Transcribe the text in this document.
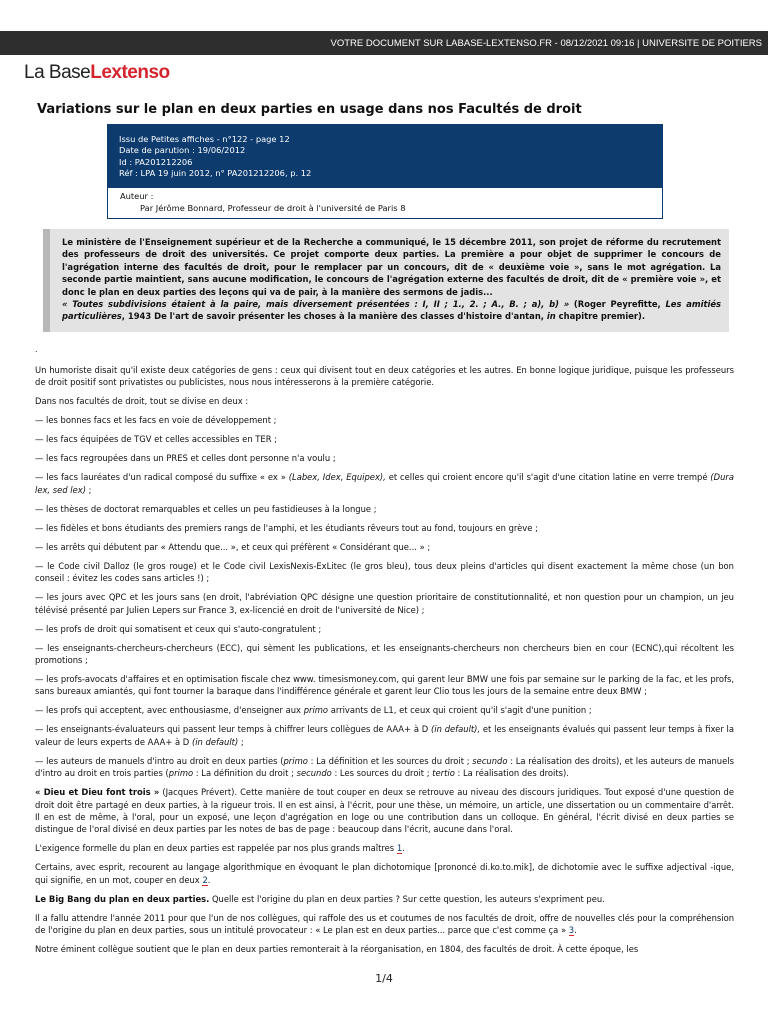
VOTRE DOCUMENT SUR LABASE-LEXTENSO.FR - 08/12/2021 09:16 | UNIVERSITE DE POITIERS
La BaseLextenso
Variations sur le plan en deux parties en usage dans nos Facultés de droit
Issu de Petites affiches - n°122 - page 12
Date de parution : 19/06/2012
Id : PA201212206
Réf : LPA 19 juin 2012, n° PA201212206, p. 12
Auteur :
Par Jérôme Bonnard, Professeur de droit à l'université de Paris 8
Le ministère de l'Enseignement supérieur et de la Recherche a communiqué, le 15 décembre 2011, son projet de réforme du recrutement des professeurs de droit des universités. Ce projet comporte deux parties. La première a pour objet de supprimer le concours de l'agrégation interne des facultés de droit, pour le remplacer par un concours, dit de « deuxième voie », sans le mot agrégation. La seconde partie maintient, sans aucune modification, le concours de l'agrégation externe des facultés de droit, dit de « première voie », et donc le plan en deux parties des leçons qui va de pair, à la manière des sermons de jadis...
« Toutes subdivisions étaient à la paire, mais diversement présentées : I, II ; 1., 2. ; A., B. ; a), b) » (Roger Peyrefitte, Les amitiés particulières, 1943 De l'art de savoir présenter les choses à la manière des classes d'histoire d'antan, in chapitre premier).
.

Un humoriste disait qu'il existe deux catégories de gens : ceux qui divisent tout en deux catégories et les autres. En bonne logique juridique, puisque les professeurs de droit positif sont privatistes ou publicistes, nous nous intéresserons à la première catégorie.

Dans nos facultés de droit, tout se divise en deux :

— les bonnes facs et les facs en voie de développement ;

— les facs équipées de TGV et celles accessibles en TER ;

— les facs regroupées dans un PRES et celles dont personne n'a voulu ;

— les facs lauréates d'un radical composé du suffixe « ex » (Labex, Idex, Equipex), et celles qui croient encore qu'il s'agit d'une citation latine en verre trempé (Dura lex, sed lex) ;

— les thèses de doctorat remarquables et celles un peu fastidieuses à la longue ;

— les fidèles et bons étudiants des premiers rangs de l'amphi, et les étudiants rêveurs tout au fond, toujours en grève ;

— les arrêts qui débutent par « Attendu que... », et ceux qui préfèrent « Considérant que... » ;

— le Code civil Dalloz (le gros rouge) et le Code civil LexisNexis-ExLitec (le gros bleu), tous deux pleins d'articles qui disent exactement la même chose (un bon conseil : évitez les codes sans articles !) ;

— les jours avec QPC et les jours sans (en droit, l'abréviation QPC désigne une question prioritaire de constitutionnalité, et non question pour un champion, un jeu télévisé présenté par Julien Lepers sur France 3, ex-licencié en droit de l'université de Nice) ;

— les profs de droit qui somatisent et ceux qui s'auto-congratulent ;

— les enseignants-chercheurs-chercheurs (ECC), qui sèment les publications, et les enseignants-chercheurs non chercheurs bien en cour (ECNC),qui récoltent les promotions ;

— les profs-avocats d'affaires et en optimisation fiscale chez www. timesismoney.com, qui garent leur BMW une fois par semaine sur le parking de la fac, et les profs, sans bureaux amiantés, qui font tourner la baraque dans l'indifférence générale et garent leur Clio tous les jours de la semaine entre deux BMW ;

— les profs qui acceptent, avec enthousiasme, d'enseigner aux primo arrivants de L1, et ceux qui croient qu'il s'agit d'une punition ;

— les enseignants-évaluateurs qui passent leur temps à chiffrer leurs collègues de AAA+ à D (in default), et les enseignants évalués qui passent leur temps à fixer la valeur de leurs experts de AAA+ à D (in default) ;

— les auteurs de manuels d'intro au droit en deux parties (primo : La définition et les sources du droit ; secundo : La réalisation des droits), et les auteurs de manuels d'intro au droit en trois parties (primo : La définition du droit ; secundo : Les sources du droit ; tertio : La réalisation des droits).

« Dieu et Dieu font trois » (Jacques Prévert). Cette manière de tout couper en deux se retrouve au niveau des discours juridiques. Tout exposé d'une question de droit doit être partagé en deux parties, à la rigueur trois. Il en est ainsi, à l'écrit, pour une thèse, un mémoire, un article, une dissertation ou un commentaire d'arrêt. Il en est de même, à l'oral, pour un exposé, une leçon d'agrégation en loge ou une contribution dans un colloque. En général, l'écrit divisé en deux parties se distingue de l'oral divisé en deux parties par les notes de bas de page : beaucoup dans l'écrit, aucune dans l'oral.

L'exigence formelle du plan en deux parties est rappelée par nos plus grands maîtres 1.

Certains, avec esprit, recourent au langage algorithmique en évoquant le plan dichotomique [prononcé di.ko.to.mik], de dichotomie avec le suffixe adjectival -ique, qui signifie, en un mot, couper en deux 2.

Le Big Bang du plan en deux parties. Quelle est l'origine du plan en deux parties ? Sur cette question, les auteurs s'expriment peu.

Il a fallu attendre l'année 2011 pour que l'un de nos collègues, qui raffole des us et coutumes de nos facultés de droit, offre de nouvelles clés pour la compréhension de l'origine du plan en deux parties, sous un intitulé provocateur : « Le plan est en deux parties... parce que c'est comme ça » 3.

Notre éminent collègue soutient que le plan en deux parties remonterait à la réorganisation, en 1804, des facultés de droit. À cette époque, les

1/4
